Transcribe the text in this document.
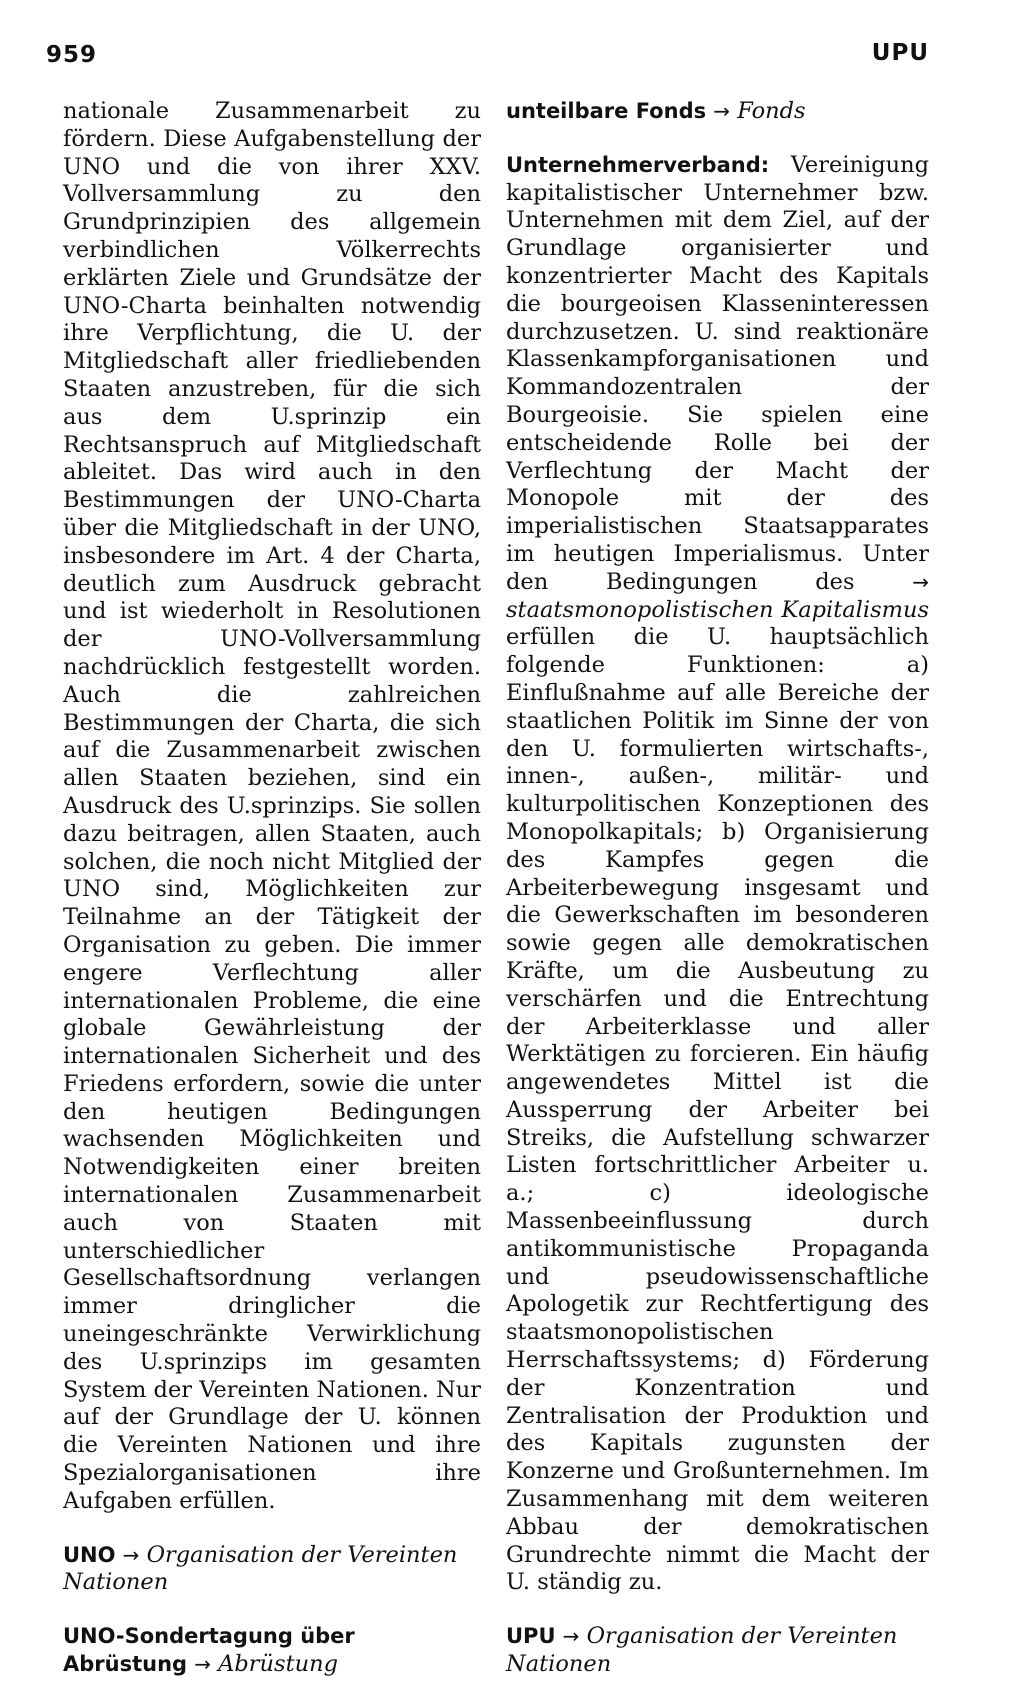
959	UPU

nationale Zusammenarbeit zu fördern. Diese Aufgabenstellung der UNO und die von ihrer XXV. Vollversammlung zu den Grundprinzipien des allgemein verbindlichen Völkerrechts erklärten Ziele und Grundsätze der UNO-Charta beinhalten notwendig ihre Verpflichtung, die U. der Mitgliedschaft aller friedliebenden Staaten anzustreben, für die sich aus dem U.sprinzip ein Rechtsanspruch auf Mitgliedschaft ableitet. Das wird auch in den Bestimmungen der UNO-Charta über die Mitgliedschaft in der UNO, insbesondere im Art. 4 der Charta, deutlich zum Ausdruck gebracht und ist wiederholt in Resolutionen der UNO-Vollversammlung nachdrücklich festgestellt worden. Auch die zahlreichen Bestimmungen der Charta, die sich auf die Zusammenarbeit zwischen allen Staaten beziehen, sind ein Ausdruck des U.sprinzips. Sie sollen dazu beitragen, allen Staaten, auch solchen, die noch nicht Mitglied der UNO sind, Möglichkeiten zur Teilnahme an der Tätigkeit der Organisation zu geben. Die immer engere Verflechtung aller internationalen Probleme, die eine globale Gewährleistung der internationalen Sicherheit und des Friedens erfordern, sowie die unter den heutigen Bedingungen wachsenden Möglichkeiten und Notwendigkeiten einer breiten internationalen Zusammenarbeit auch von Staaten mit unterschiedlicher Gesellschaftsordnung verlangen immer dringlicher die uneingeschränkte Verwirklichung des U.sprinzips im gesamten System der Vereinten Nationen. Nur auf der Grundlage der U. können die Vereinten Nationen und ihre Spezialorganisationen ihre Aufgaben erfüllen.

UNO → Organisation der Vereinten Nationen

UNO-Sondertagung über Abrüstung → Abrüstung

unteilbare Fonds → Fonds

Unternehmerverband: Vereinigung kapitalistischer Unternehmer bzw. Unternehmen mit dem Ziel, auf der Grundlage organisierter und konzentrierter Macht des Kapitals die bourgeoisen Klasseninteressen durchzusetzen. U. sind reaktionäre Klassenkampforganisationen und Kommandozentralen der Bourgeoisie. Sie spielen eine entscheidende Rolle bei der Verflechtung der Macht der Monopole mit der des imperialistischen Staatsapparates im heutigen Imperialismus. Unter den Bedingungen des → staatsmonopolistischen Kapitalismus erfüllen die U. hauptsächlich folgende Funktionen: a) Einflußnahme auf alle Bereiche der staatlichen Politik im Sinne der von den U. formulierten wirtschafts-, innen-, außen-, militär- und kulturpolitischen Konzeptionen des Monopolkapitals; b) Organisierung des Kampfes gegen die Arbeiterbewegung insgesamt und die Gewerkschaften im besonderen sowie gegen alle demokratischen Kräfte, um die Ausbeutung zu verschärfen und die Entrechtung der Arbeiterklasse und aller Werktätigen zu forcieren. Ein häufig angewendetes Mittel ist die Aussperrung der Arbeiter bei Streiks, die Aufstellung schwarzer Listen fortschrittlicher Arbeiter u. a.; c) ideologische Massenbeeinflussung durch antikommunistische Propaganda und pseudowissenschaftliche Apologetik zur Rechtfertigung des staatsmonopolistischen Herrschaftssystems; d) Förderung der Konzentration und Zentralisation der Produktion und des Kapitals zugunsten der Konzerne und Großunternehmen. Im Zusammenhang mit dem weiteren Abbau der demokratischen Grundrechte nimmt die Macht der U. ständig zu.

UPU → Organisation der Vereinten Nationen
